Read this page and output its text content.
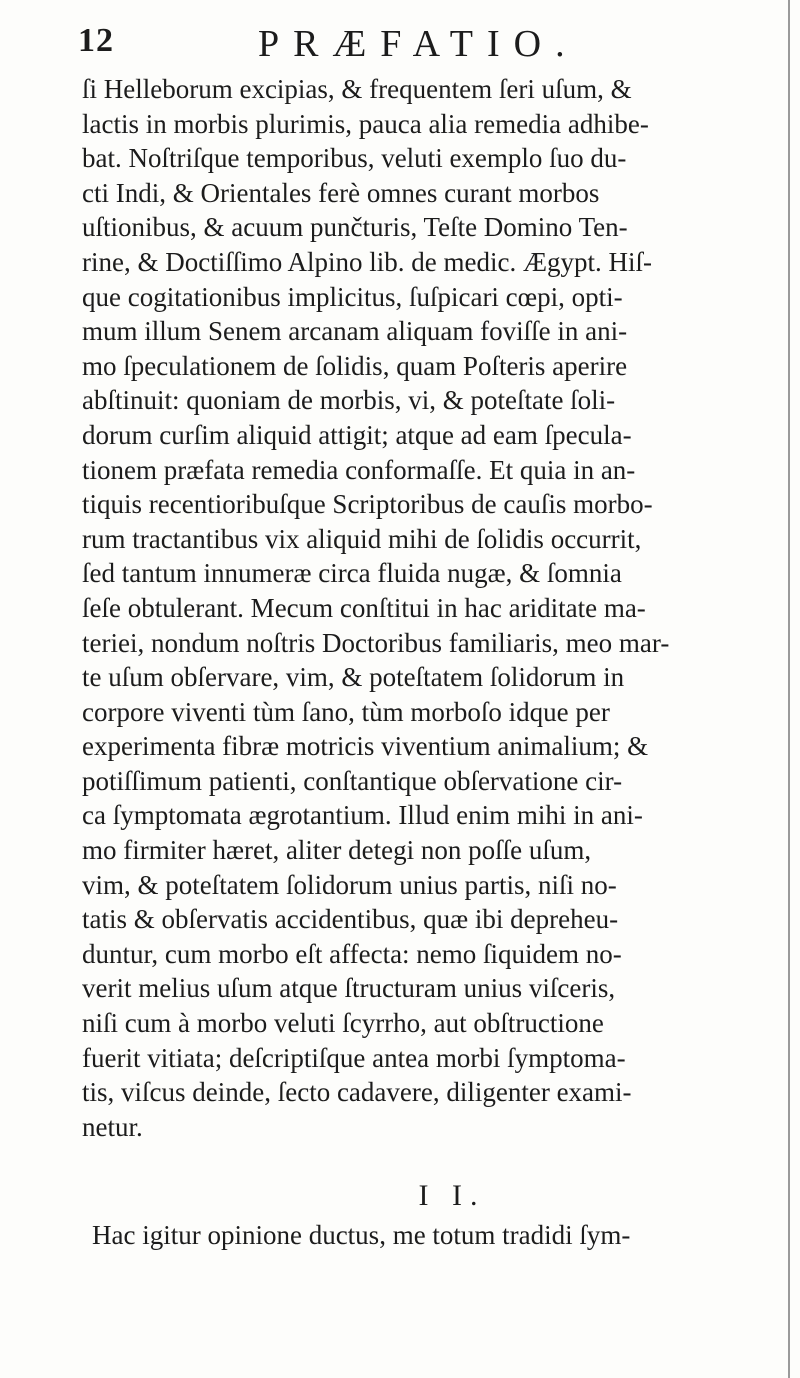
12	PRÆFATIO.
ſi Helleborum excipias, & frequentem ſeri uſum, &
lactis in morbis plurimis, pauca alia remedia adhibe-
bat. Noſtriſque temporibus, veluti exemplo ſuo du-
cti Indi, & Orientales ferè omnes curant morbos
uſtionibus, & acuum punčturis, Teſte Domino Ten-
rine, & Doctiſſimo Alpino lib. de medic. Ægypt. Hiſ-
que cogitationibus implicitus, ſuſpicari cœpi, opti-
mum illum Senem arcanam aliquam foviſſe in ani-
mo ſpeculationem de ſolidis, quam Poſteris aperire
abſtinuit: quoniam de morbis, vi, & poteſtate ſoli-
dorum curſim aliquid attigit; atque ad eam ſpecula-
tionem præfata remedia conformaſſe. Et quia in an-
tiquis recentioribuſque Scriptoribus de cauſis morbo-
rum tractantibus vix aliquid mihi de ſolidis occurrit,
ſed tantum innumeræ circa fluida nugæ, & ſomnia
ſeſe obtulerant. Mecum conſtitui in hac ariditate ma-
teriei, nondum noſtris Doctoribus familiaris, meo mar-
te uſum obſervare, vim, & poteſtatem ſolidorum in
corpore viventi tùm ſano, tùm morboſo idque per
experimenta fibræ motricis viventium animalium; &
potiſſimum patienti, conſtantique obſervatione cir-
ca ſymptomata ægrotantium. Illud enim mihi in ani-
mo firmiter hæret, aliter detegi non poſſe uſum,
vim, & poteſtatem ſolidorum unius partis, niſi no-
tatis & obſervatis accidentibus, quæ ibi depreheu-
duntur, cum morbo eſt affecta: nemo ſiquidem no-
verit melius uſum atque ſtructuram unius viſceris,
niſi cum à morbo veluti ſcyrrho, aut obſtructione
fuerit vitiata; deſcriptiſque antea morbi ſymptoma-
tis, viſcus deinde, ſecto cadavere, diligenter exami-
netur.
I I.
Hac igitur opinione ductus, me totum tradidi ſym-
